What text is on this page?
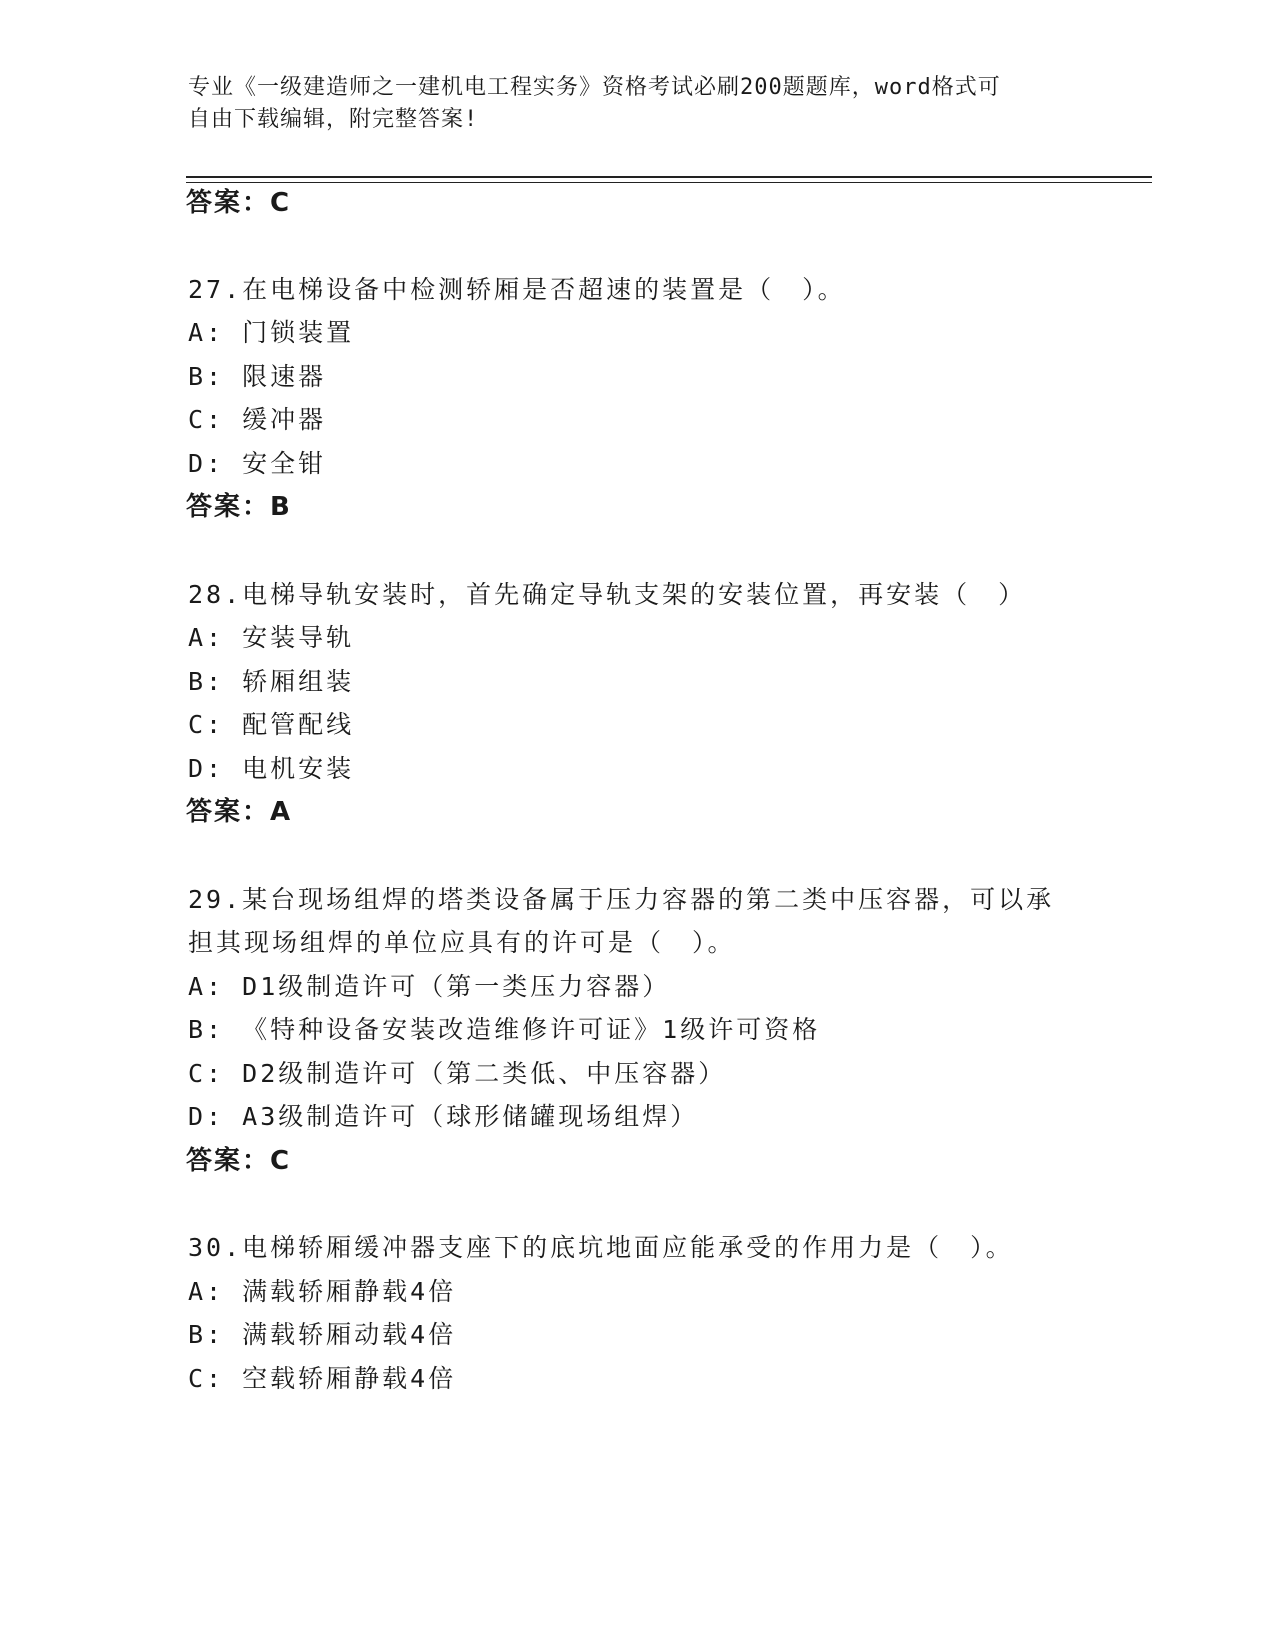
专业《一级建造师之一建机电工程实务》资格考试必刷200题题库，word格式可
自由下载编辑，附完整答案!
答案：C
27.在电梯设备中检测轿厢是否超速的装置是（　）。
A: 门锁装置
B: 限速器
C: 缓冲器
D: 安全钳
答案：B
28.电梯导轨安装时，首先确定导轨支架的安装位置，再安装（　）
A: 安装导轨
B: 轿厢组装
C: 配管配线
D: 电机安装
答案：A
29.某台现场组焊的塔类设备属于压力容器的第二类中压容器，可以承
担其现场组焊的单位应具有的许可是（　）。
A: D1级制造许可（第一类压力容器）
B: 《特种设备安装改造维修许可证》1级许可资格
C: D2级制造许可（第二类低、中压容器）
D: A3级制造许可（球形储罐现场组焊）
答案：C
30.电梯轿厢缓冲器支座下的底坑地面应能承受的作用力是（　）。
A: 满载轿厢静载4倍
B: 满载轿厢动载4倍
C: 空载轿厢静载4倍
